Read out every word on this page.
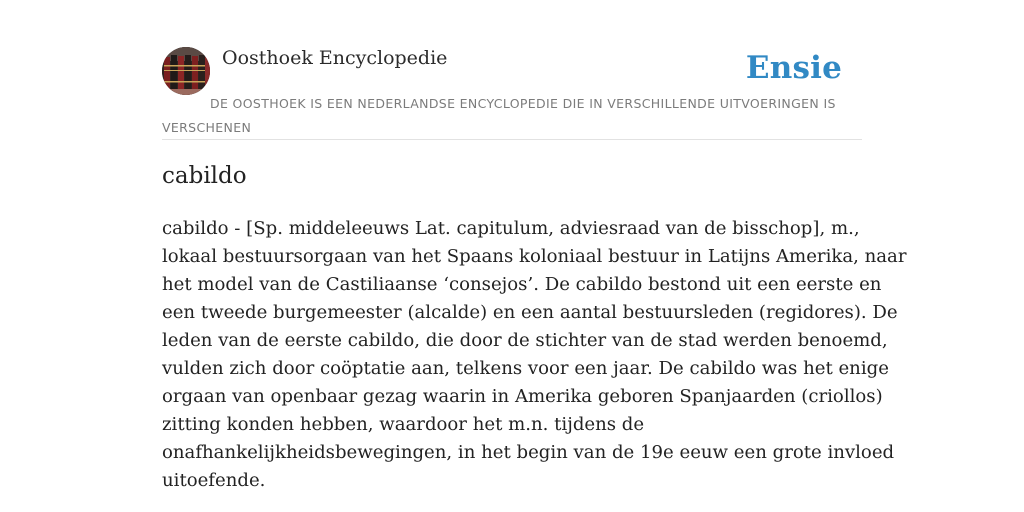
Oosthoek Encyclopedie	Ensie
DE OOSTHOEK IS EEN NEDERLANDSE ENCYCLOPEDIE DIE IN VERSCHILLENDE UITVOERINGEN IS VERSCHENEN
cabildo

cabildo - [Sp. middeleeuws Lat. capitulum, adviesraad van de bisschop], m.,
lokaal bestuursorgaan van het Spaans koloniaal bestuur in Latijns Amerika, naar
het model van de Castiliaanse ‘consejos’. De cabildo bestond uit een eerste en
een tweede burgemeester (alcalde) en een aantal bestuursleden (regidores). De
leden van de eerste cabildo, die door de stichter van de stad werden benoemd,
vulden zich door coöptatie aan, telkens voor een jaar. De cabildo was het enige
orgaan van openbaar gezag waarin in Amerika geboren Spanjaarden (criollos)
zitting konden hebben, waardoor het m.n. tijdens de
onafhankelijkheidsbewegingen, in het begin van de 19e eeuw een grote invloed
uitoefende.
